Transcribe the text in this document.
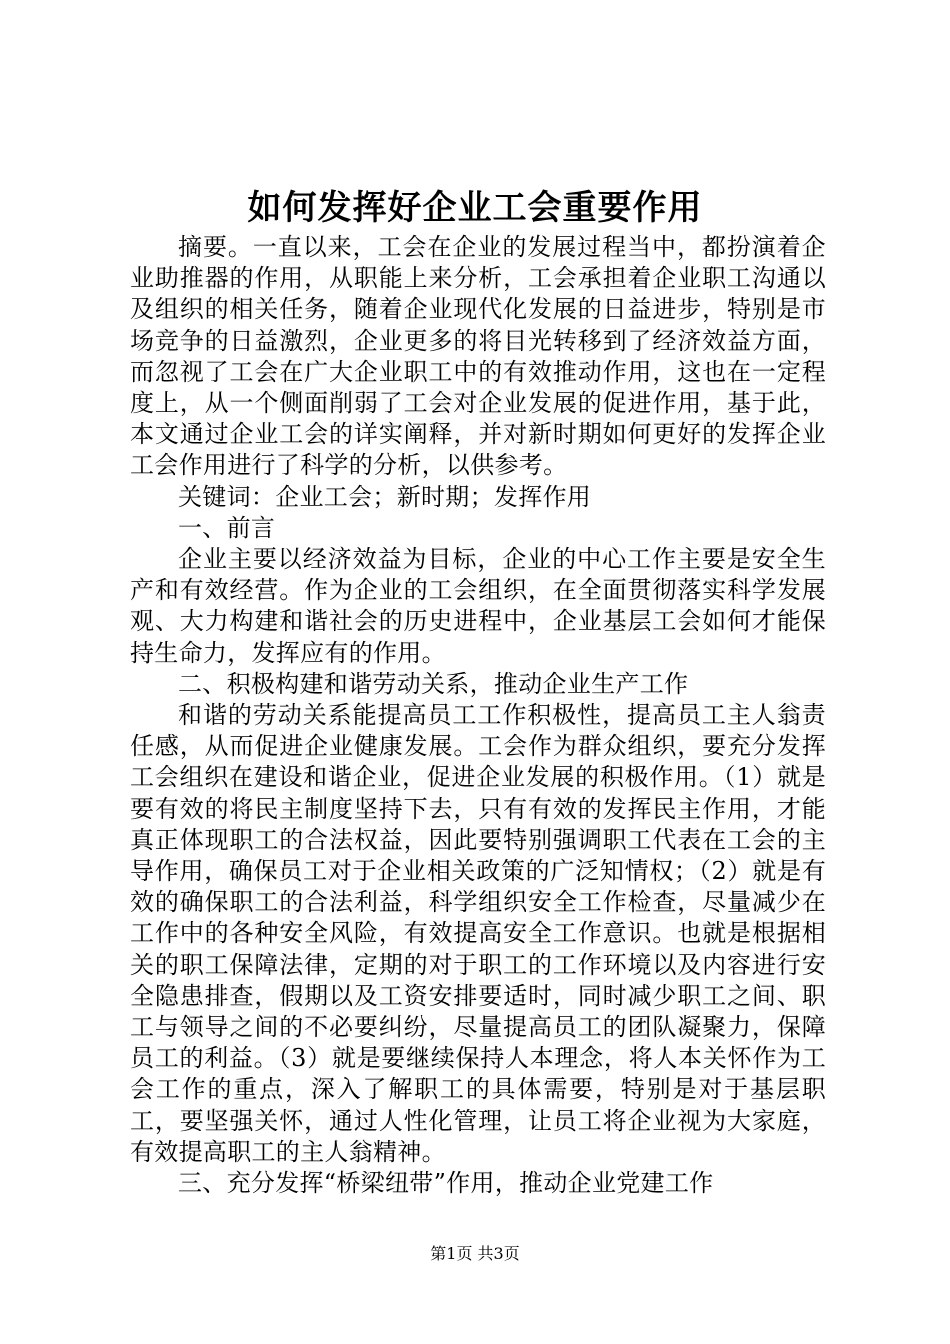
如何发挥好企业工会重要作用

摘要。一直以来，工会在企业的发展过程当中，都扮演着企业助推器的作用，从职能上来分析，工会承担着企业职工沟通以及组织的相关任务，随着企业现代化发展的日益进步，特别是市场竞争的日益激烈，企业更多的将目光转移到了经济效益方面，而忽视了工会在广大企业职工中的有效推动作用，这也在一定程度上，从一个侧面削弱了工会对企业发展的促进作用，基于此，本文通过企业工会的详实阐释，并对新时期如何更好的发挥企业工会作用进行了科学的分析，以供参考。

关键词：企业工会；新时期；发挥作用

一、前言

企业主要以经济效益为目标，企业的中心工作主要是安全生产和有效经营。作为企业的工会组织，在全面贯彻落实科学发展观、大力构建和谐社会的历史进程中，企业基层工会如何才能保持生命力，发挥应有的作用。

二、积极构建和谐劳动关系，推动企业生产工作

和谐的劳动关系能提高员工工作积极性，提高员工主人翁责任感，从而促进企业健康发展。工会作为群众组织，要充分发挥工会组织在建设和谐企业，促进企业发展的积极作用。（1）就是要有效的将民主制度坚持下去，只有有效的发挥民主作用，才能真正体现职工的合法权益，因此要特别强调职工代表在工会的主导作用，确保员工对于企业相关政策的广泛知情权；（2）就是有效的确保职工的合法利益，科学组织安全工作检查，尽量减少在工作中的各种安全风险，有效提高安全工作意识。也就是根据相关的职工保障法律，定期的对于职工的工作环境以及内容进行安全隐患排查，假期以及工资安排要适时，同时减少职工之间、职工与领导之间的不必要纠纷，尽量提高员工的团队凝聚力，保障员工的利益。（3）就是要继续保持人本理念，将人本关怀作为工会工作的重点，深入了解职工的具体需要，特别是对于基层职工，要坚强关怀，通过人性化管理，让员工将企业视为大家庭，有效提高职工的主人翁精神。

三、充分发挥“桥梁纽带”作用，推动企业党建工作

第1页 共3页
